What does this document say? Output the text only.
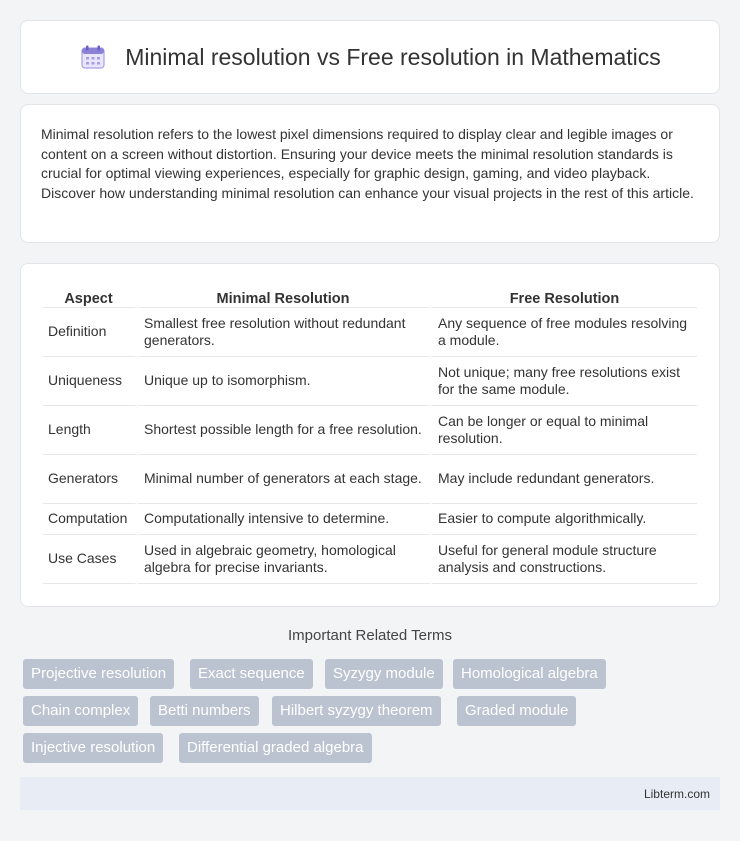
Minimal resolution vs Free resolution in Mathematics

Minimal resolution refers to the lowest pixel dimensions required to display clear and legible images or content on a screen without distortion. Ensuring your device meets the minimal resolution standards is crucial for optimal viewing experiences, especially for graphic design, gaming, and video playback. Discover how understanding minimal resolution can enhance your visual projects in the rest of this article.

Aspect	Minimal Resolution	Free Resolution
Definition	Smallest free resolution without redundant generators.	Any sequence of free modules resolving a module.
Uniqueness	Unique up to isomorphism.	Not unique; many free resolutions exist for the same module.
Length	Shortest possible length for a free resolution.	Can be longer or equal to minimal resolution.
Generators	Minimal number of generators at each stage.	May include redundant generators.
Computation	Computationally intensive to determine.	Easier to compute algorithmically.
Use Cases	Used in algebraic geometry, homological algebra for precise invariants.	Useful for general module structure analysis and constructions.
Important Related Terms
Projective resolution	Exact sequence	Syzygy module	Homological algebra
Chain complex	Betti numbers	Hilbert syzygy theorem	Graded module
Injective resolution	Differential graded algebra
Libterm.com
